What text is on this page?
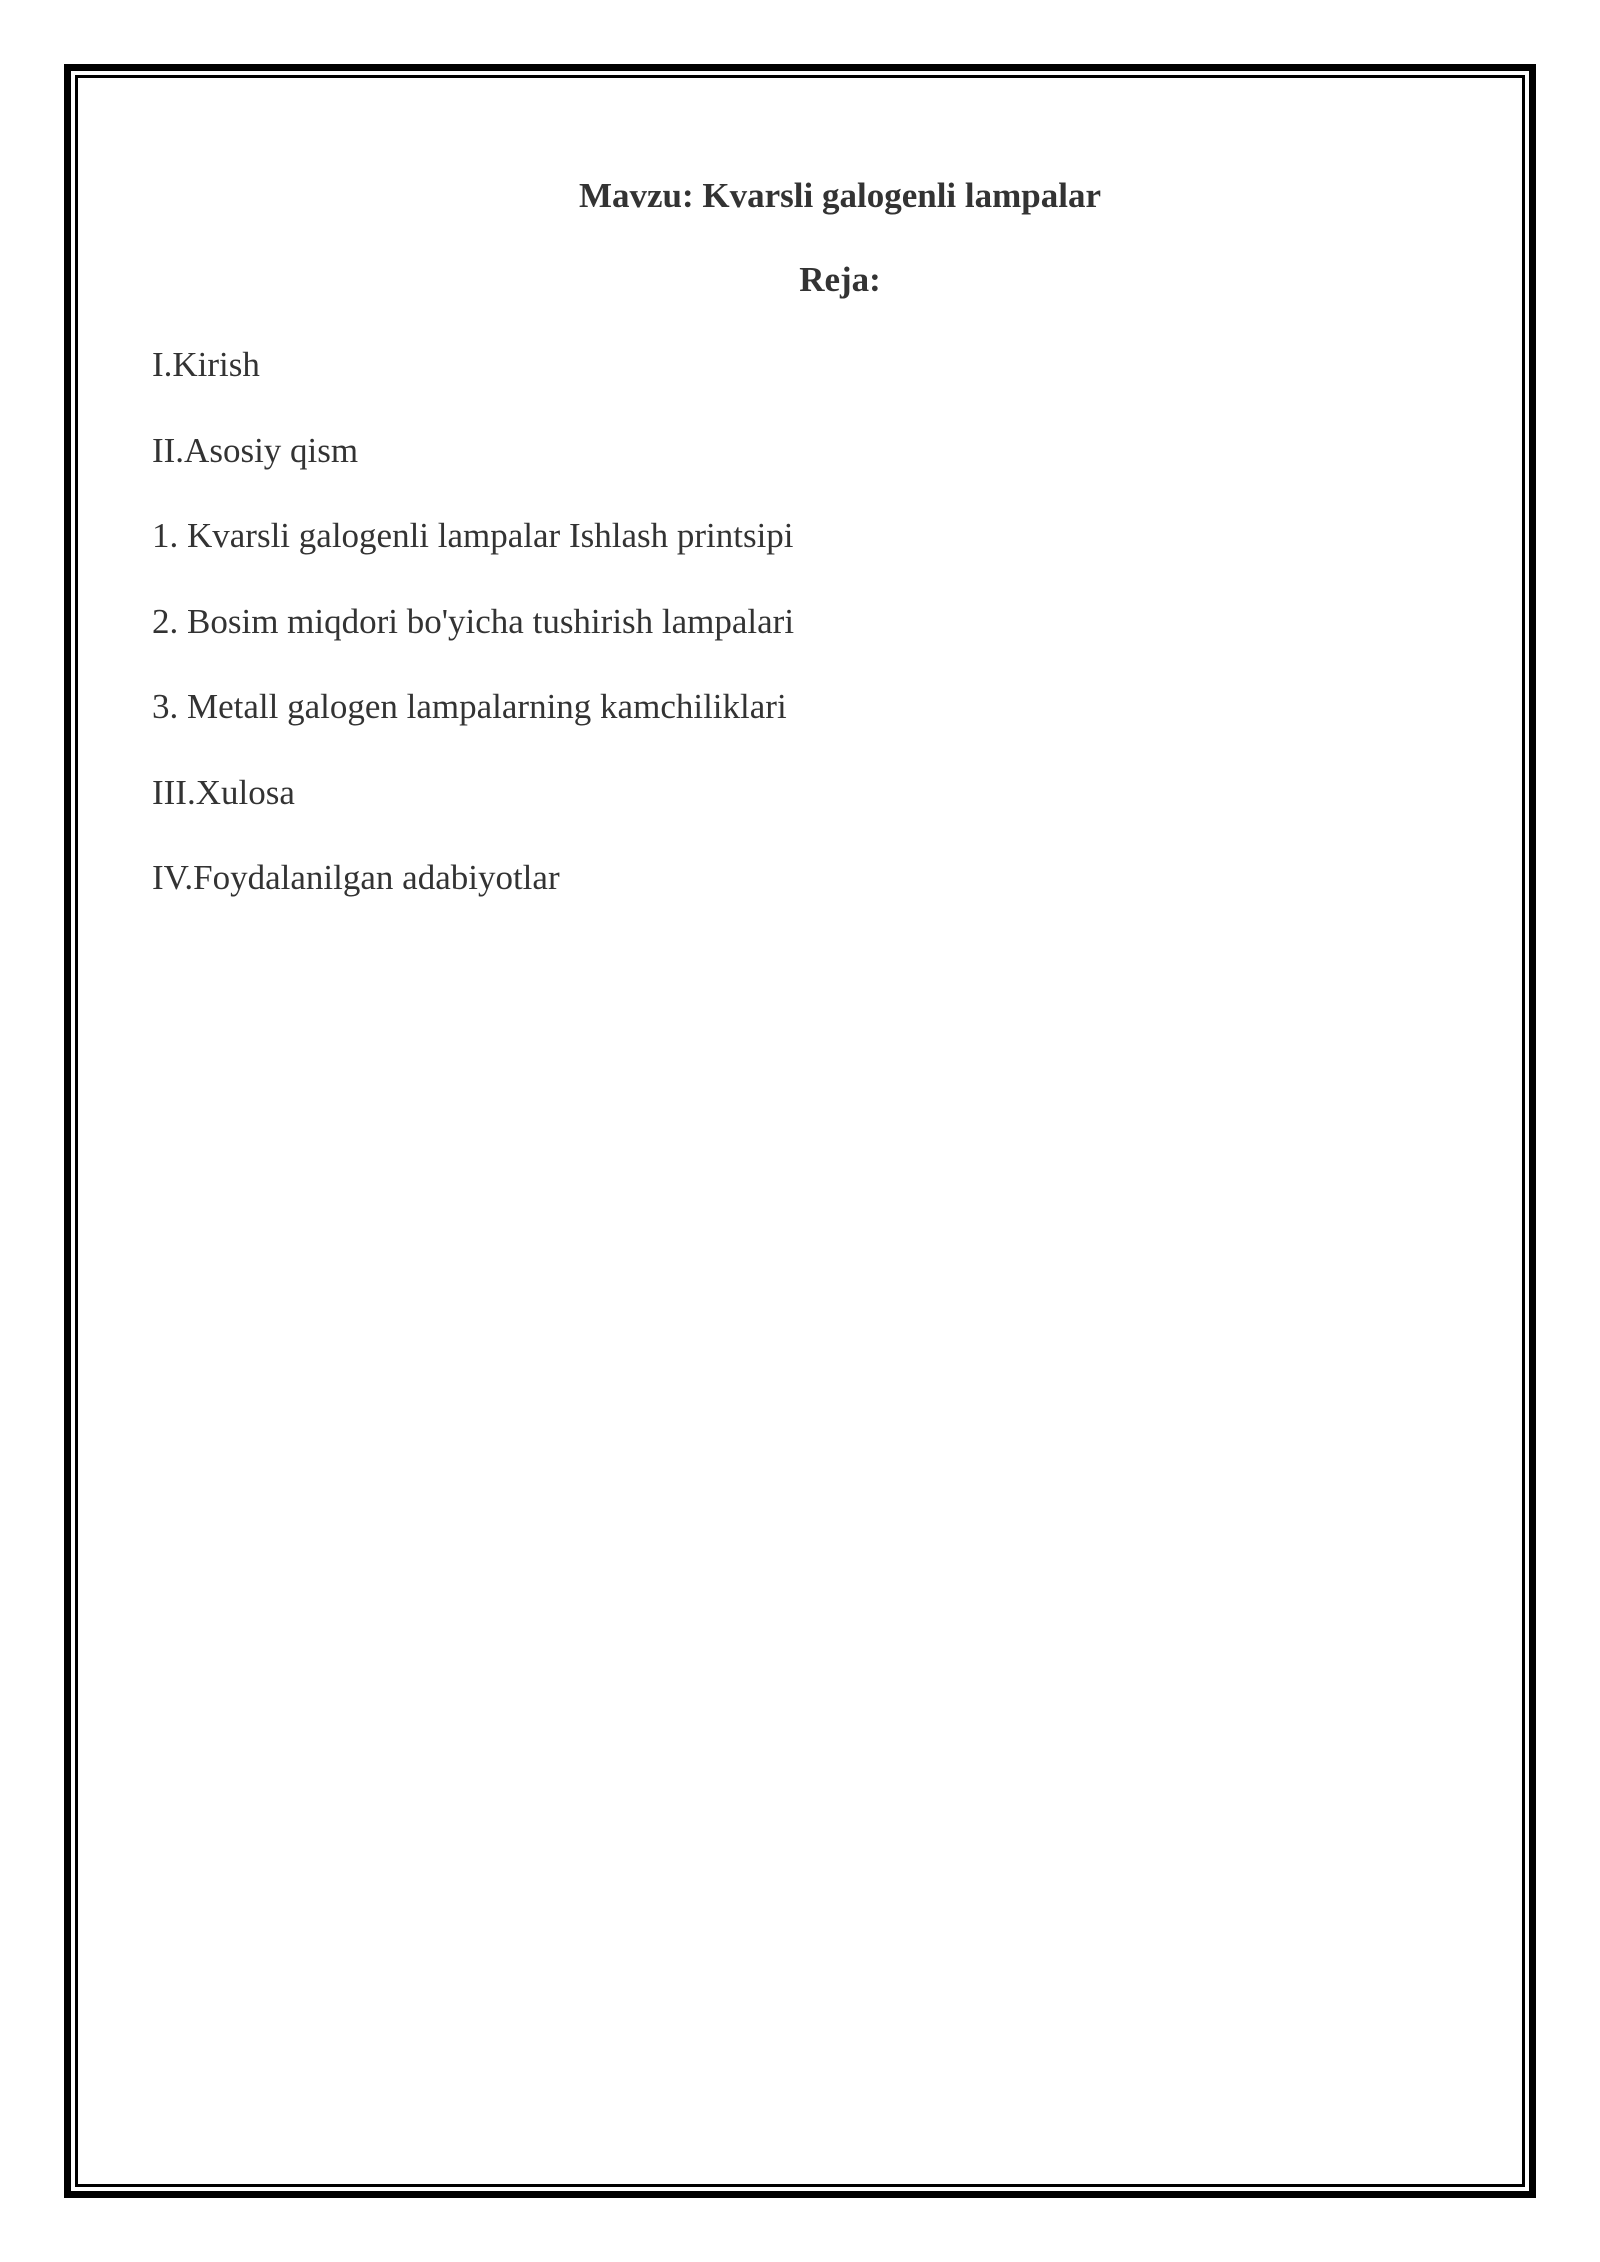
Mavzu: Kvarsli galogenli lampalar
Reja:
I.Kirish
II.Asosiy qism
1. Kvarsli galogenli lampalar Ishlash printsipi
2. Bosim miqdori bo'yicha tushirish lampalari
3. Metall galogen lampalarning kamchiliklari
III.Xulosa
IV.Foydalanilgan adabiyotlar
